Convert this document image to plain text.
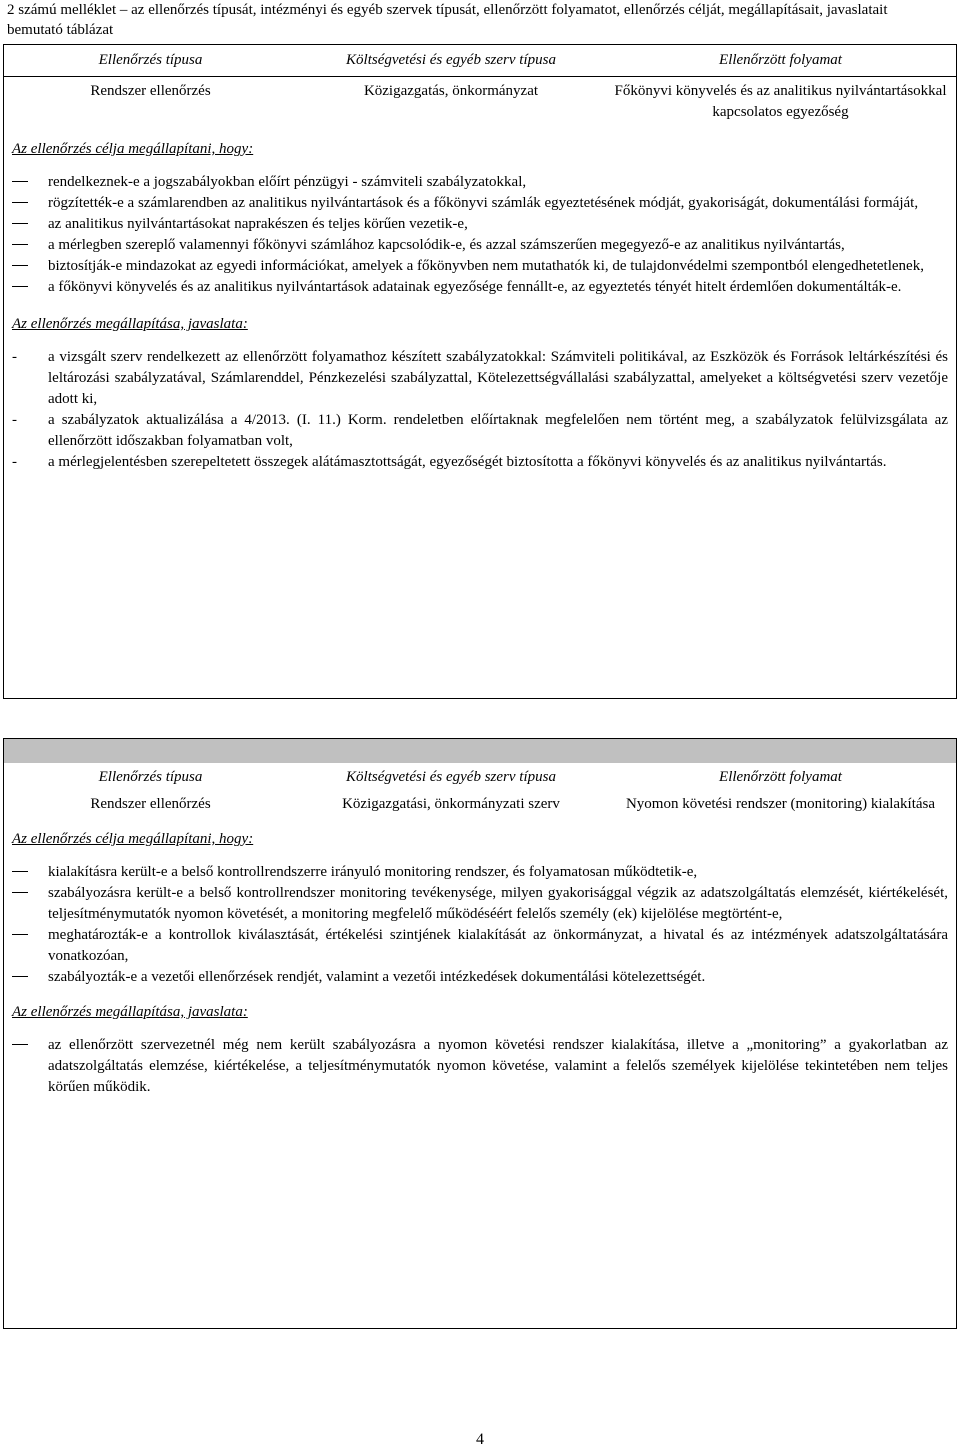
2 számú melléklet – az ellenőrzés típusát, intézményi és egyéb szervek típusát, ellenőrzött folyamatot, ellenőrzés célját, megállapításait, javaslatait bemutató táblázat
Ellenőrzés típusa	Költségvetési és egyéb szerv típusa	Ellenőrzött folyamat
Rendszer ellenőrzés	Közigazgatás, önkormányzat	Főkönyvi könyvelés és az analitikus nyilvántartásokkal kapcsolatos egyezőség
Az ellenőrzés célja megállapítani, hogy:
rendelkeznek-e a jogszabályokban előírt pénzügyi - számviteli szabályzatokkal,
rögzítették-e a számlarendben az analitikus nyilvántartások és a főkönyvi számlák egyeztetésének módját, gyakoriságát, dokumentálási formáját,
az analitikus nyilvántartásokat naprakészen és teljes körűen vezetik-e,
a mérlegben szereplő valamennyi főkönyvi számlához kapcsolódik-e, és azzal számszerűen megegyező-e az analitikus nyilvántartás,
biztosítják-e mindazokat az egyedi információkat, amelyek a főkönyvben nem mutathatók ki, de tulajdonvédelmi szempontból elengedhetetlenek,
a főkönyvi könyvelés és az analitikus nyilvántartások adatainak egyezősége fennállt-e, az egyeztetés tényét hitelt érdemlően dokumentálták-e.
Az ellenőrzés megállapítása, javaslata:
-	a vizsgált szerv rendelkezett az ellenőrzött folyamathoz készített szabályzatokkal: Számviteli politikával, az Eszközök és Források leltárkészítési és leltározási szabályzatával, Számlarenddel, Pénzkezelési szabályzattal, Kötelezettségvállalási szabályzattal, amelyeket a költségvetési szerv vezetője adott ki,
-	a szabályzatok aktualizálása a 4/2013. (I. 11.) Korm. rendeletben előírtaknak megfelelően nem történt meg, a szabályzatok felülvizsgálata az ellenőrzött időszakban folyamatban volt,
-	a mérlegjelentésben szerepeltetett összegek alátámasztottságát, egyezőségét biztosította a főkönyvi könyvelés és az analitikus nyilvántartás.
Ellenőrzés típusa	Költségvetési és egyéb szerv típusa	Ellenőrzött folyamat
Rendszer ellenőrzés	Közigazgatási, önkormányzati szerv	Nyomon követési rendszer (monitoring) kialakítása
Az ellenőrzés célja megállapítani, hogy:
kialakításra került-e a belső kontrollrendszerre irányuló monitoring rendszer, és folyamatosan működtetik-e,
szabályozásra került-e a belső kontrollrendszer monitoring tevékenysége, milyen gyakorisággal végzik az adatszolgáltatás elemzését, kiértékelését, teljesítménymutatók nyomon követését, a monitoring megfelelő működéséért felelős személy (ek) kijelölése megtörtént-e,
meghatározták-e a kontrollok kiválasztását, értékelési szintjének kialakítását az önkormányzat, a hivatal és az intézmények adatszolgáltatására vonatkozóan,
szabályozták-e a vezetői ellenőrzések rendjét, valamint a vezetői intézkedések dokumentálási kötelezettségét.
Az ellenőrzés megállapítása, javaslata:
az ellenőrzött szervezetnél még nem került szabályozásra a nyomon követési rendszer kialakítása, illetve a „monitoring” a gyakorlatban az adatszolgáltatás elemzése, kiértékelése, a teljesítménymutatók nyomon követése, valamint a felelős személyek kijelölése tekintetében nem teljes körűen működik.
4
